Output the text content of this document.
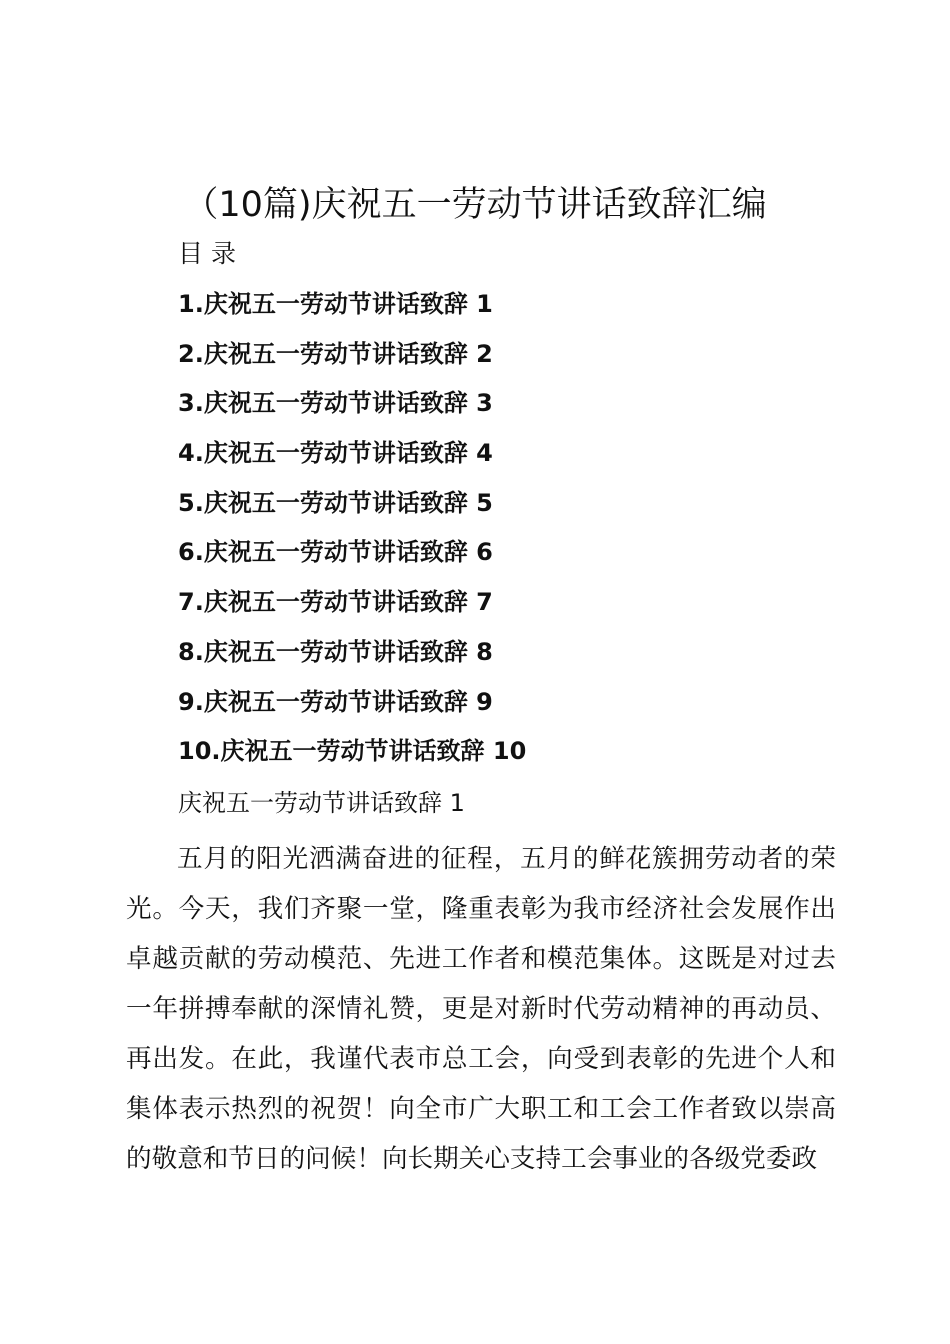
（10篇)庆祝五一劳动节讲话致辞汇编
目 录
1.庆祝五一劳动节讲话致辞 1
2.庆祝五一劳动节讲话致辞 2
3.庆祝五一劳动节讲话致辞 3
4.庆祝五一劳动节讲话致辞 4
5.庆祝五一劳动节讲话致辞 5
6.庆祝五一劳动节讲话致辞 6
7.庆祝五一劳动节讲话致辞 7
8.庆祝五一劳动节讲话致辞 8
9.庆祝五一劳动节讲话致辞 9
10.庆祝五一劳动节讲话致辞 10
庆祝五一劳动节讲话致辞 1

五月的阳光洒满奋进的征程，五月的鲜花簇拥劳动者的荣光。今天，我们齐聚一堂，隆重表彰为我市经济社会发展作出卓越贡献的劳动模范、先进工作者和模范集体。这既是对过去一年拼搏奉献的深情礼赞，更是对新时代劳动精神的再动员、再出发。在此，我谨代表市总工会，向受到表彰的先进个人和集体表示热烈的祝贺！向全市广大职工和工会工作者致以崇高的敬意和节日的问候！向长期关心支持工会事业的各级党委政
